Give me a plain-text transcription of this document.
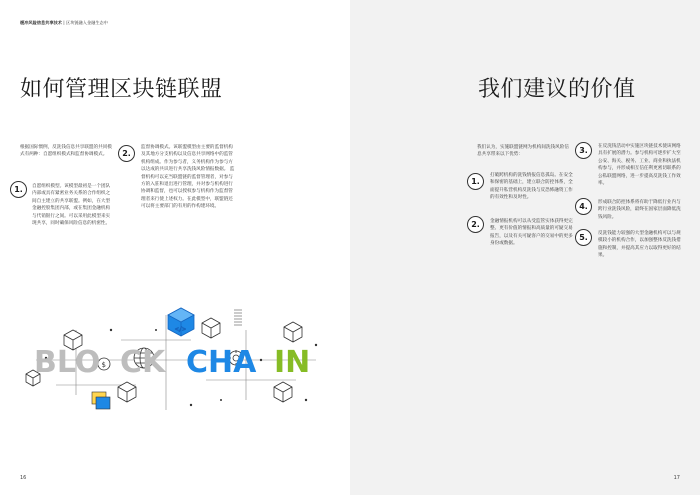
缓冲风险信息共享技术 | 区块链融入金融生态中
如何管理区块链联盟
根据国际惯例，反洗钱信息共享联盟的共同模式有两种：自愿组织模式和监督协调模式。
1.	自愿组织模型。该模型最初是一个团队内部或具有紧密业务关系的合作组织之间自主建立的共享联盟。例如，在大型金融控股集团内部，或在集团金融机构与代销银行之间。可以采用此模型来实现共享，同时确保风险信息的机密性。
2.
监督协调模式。该联盟模型由主要的监督机构及其地方分支机构以及信息共享网络中的监管机构组成。作为参与者，义务机构作为参与方以达成的共识进行共享洗钱风险情报数据。 监督机构可以充当联盟链的监督管理者，对参与方的入驻和退出进行管理，并对参与机构进行协调和监督，也可以授权参与机构作为监督管理者来行使上述权力。在此模型中，联盟链还可以将主要部门的有用的作构建环境。
</>
$
BLO CK CHA IN
16
我们建议的价值
我们认为，实施联盟链网为机构间洗钱风险信息共享带来以下优势：
1.
打破跨机构的洗钱情报信息孤岛。在安全和保密的基础上，建立联合防控体系，全面提升私营机构反洗钱与反恐怖融资工作的有效性和及时性。
2.	金融情报机构可以从受监管实体获得更完整、更有价值的情报和高质量的可疑交易报告，以及有关可疑客户的交易中的更多身份或数据。
3.	在反洗钱活动中实施区块链技术使该网络具有扩展的潜力。参与机构可逐步扩大至公安、海关、税务、工业、商业和执法机构参与，并形成相互信任利更密切联系的公私联盟网络，进一步提高反洗钱工作效率。
4.	形成联合防控体系将有助于降低行业内与跨行业洗钱风险，最终在国家层面降低洗钱风险。
5.	反洗钱能力较强的大型金融机构可以与规模较小的机构合作，以加强整体反洗钱措施和控制，并提高其应力以取得更好的结果。
17
